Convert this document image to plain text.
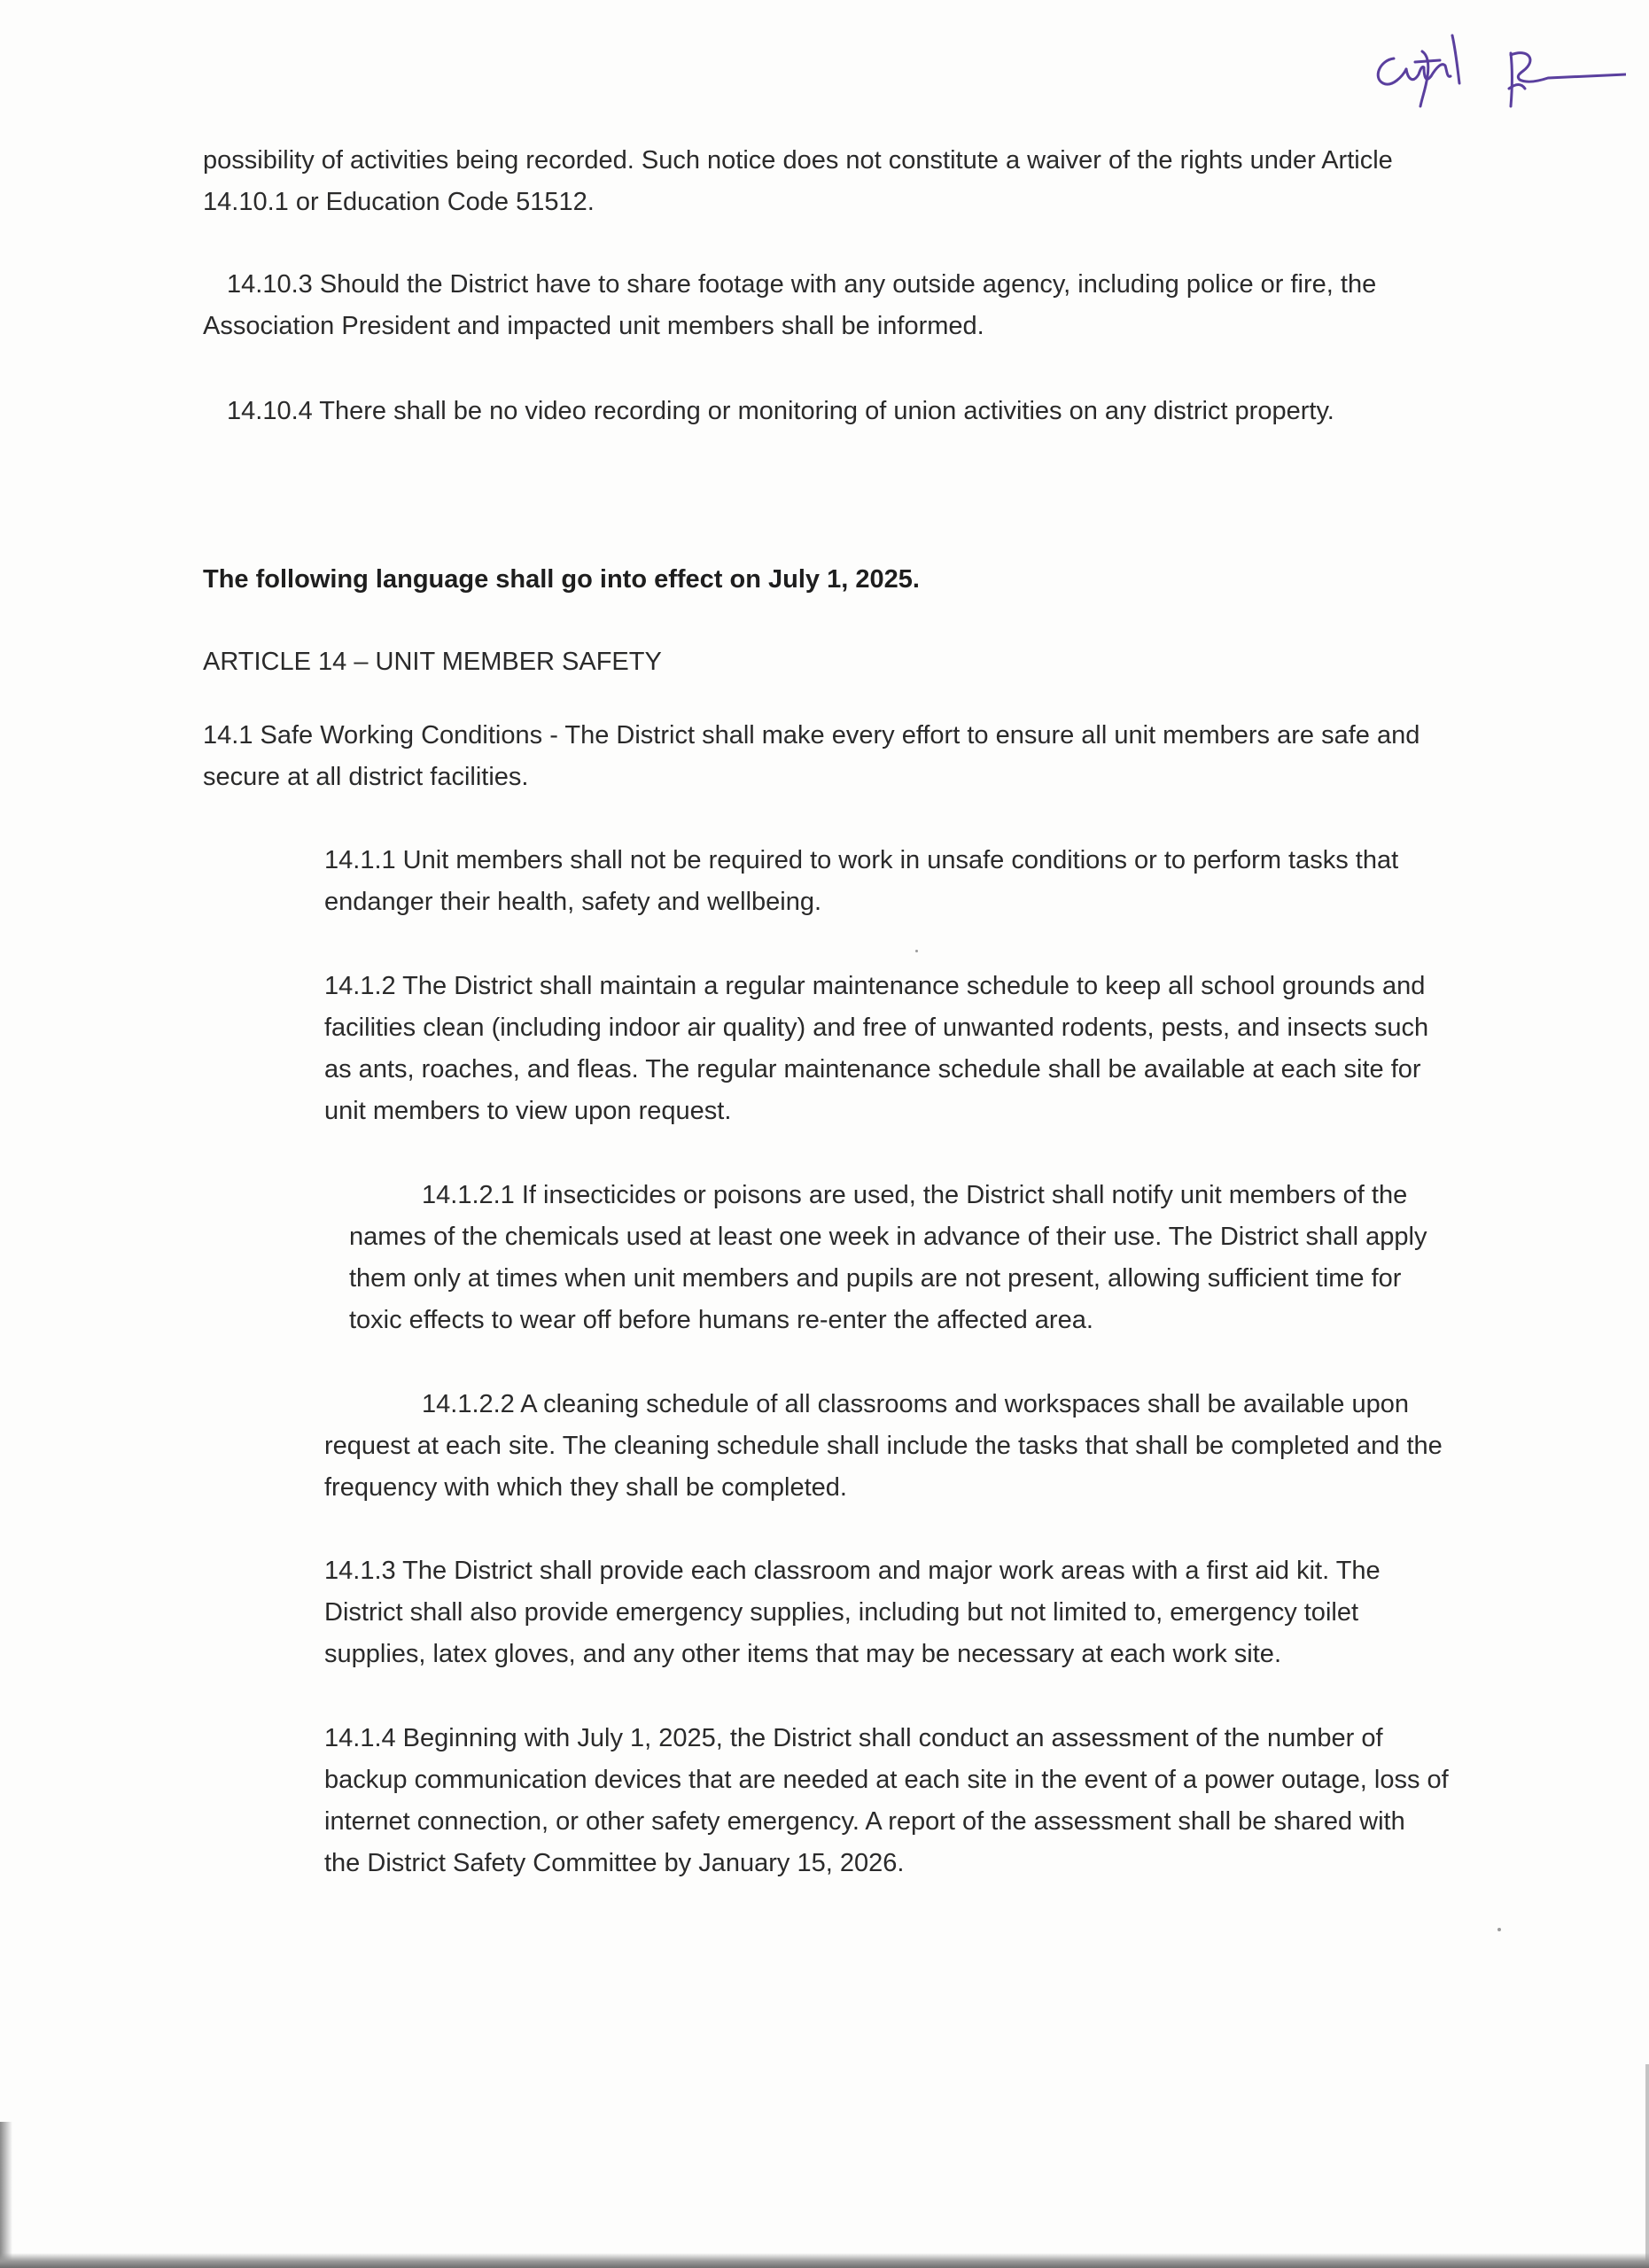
possibility of activities being recorded. Such notice does not constitute a waiver of the rights under Article

14.10.1 or Education Code 51512.

14.10.3 Should the District have to share footage with any outside agency, including police or fire, the

Association President and impacted unit members shall be informed.

14.10.4 There shall be no video recording or monitoring of union activities on any district property.

The following language shall go into effect on July 1, 2025.

ARTICLE 14 – UNIT MEMBER SAFETY

14.1 Safe Working Conditions - The District shall make every effort to ensure all unit members are safe and

secure at all district facilities.

14.1.1 Unit members shall not be required to work in unsafe conditions or to perform tasks that

endanger their health, safety and wellbeing.

14.1.2 The District shall maintain a regular maintenance schedule to keep all school grounds and

facilities clean (including indoor air quality) and free of unwanted rodents, pests, and insects such

as ants, roaches, and fleas. The regular maintenance schedule shall be available at each site for

unit members to view upon request.

14.1.2.1 If insecticides or poisons are used, the District shall notify unit members of the

names of the chemicals used at least one week in advance of their use. The District shall apply

them only at times when unit members and pupils are not present, allowing sufficient time for

toxic effects to wear off before humans re-enter the affected area.

14.1.2.2 A cleaning schedule of all classrooms and workspaces shall be available upon

request at each site. The cleaning schedule shall include the tasks that shall be completed and the

frequency with which they shall be completed.

14.1.3 The District shall provide each classroom and major work areas with a first aid kit. The

District shall also provide emergency supplies, including but not limited to, emergency toilet

supplies, latex gloves, and any other items that may be necessary at each work site.

14.1.4 Beginning with July 1, 2025, the District shall conduct an assessment of the number of

backup communication devices that are needed at each site in the event of a power outage, loss of

internet connection, or other safety emergency. A report of the assessment shall be shared with

the District Safety Committee by January 15, 2026.
